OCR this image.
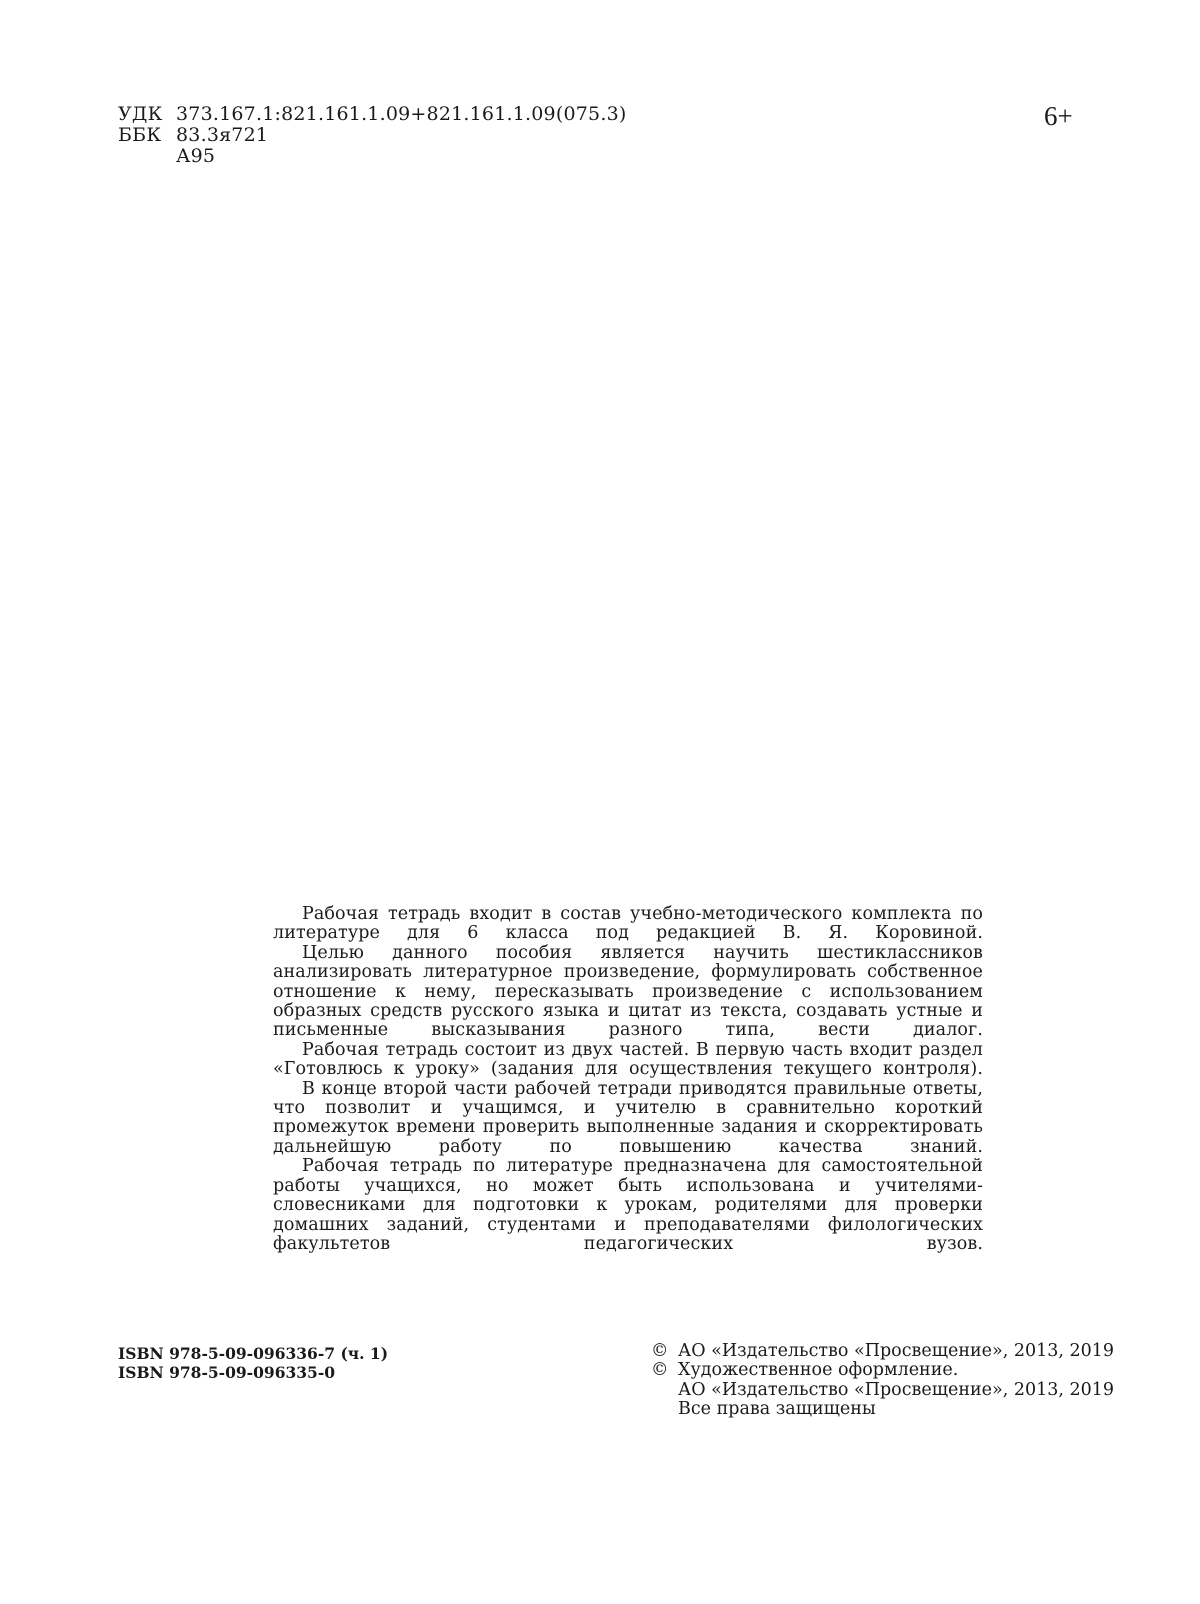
УДК 373.167.1:821.161.1.09+821.161.1.09(075.3)
ББК 83.3я721
А95
6+

Рабочая тетрадь входит в состав учебно-методического комплекта по литературе для 6 класса под редакцией В. Я. Коровиной.

Целью данного пособия является научить шестиклассников анализировать литературное произведение, формулировать собственное отношение к нему, пересказывать произведение с использованием образных средств русского языка и цитат из текста, создавать устные и письменные высказывания разного типа, вести диалог.

Рабочая тетрадь состоит из двух частей. В первую часть входит раздел «Готовлюсь к уроку» (задания для осуществления текущего контроля).

В конце второй части рабочей тетради приводятся правильные ответы, что позволит и учащимся, и учителю в сравнительно короткий промежуток времени проверить выполненные задания и скорректировать дальнейшую работу по повышению качества знаний.

Рабочая тетрадь по литературе предназначена для самостоятельной работы учащихся, но может быть использована и учителями-словесниками для подготовки к урокам, родителями для проверки домашних заданий, студентами и преподавателями филологических факультетов педагогических вузов.

ISBN 978-5-09-096336-7 (ч. 1)
ISBN 978-5-09-096335-0
© АО «Издательство «Просвещение», 2013, 2019
© Художественное оформление.
АО «Издательство «Просвещение», 2013, 2019
Все права защищены
